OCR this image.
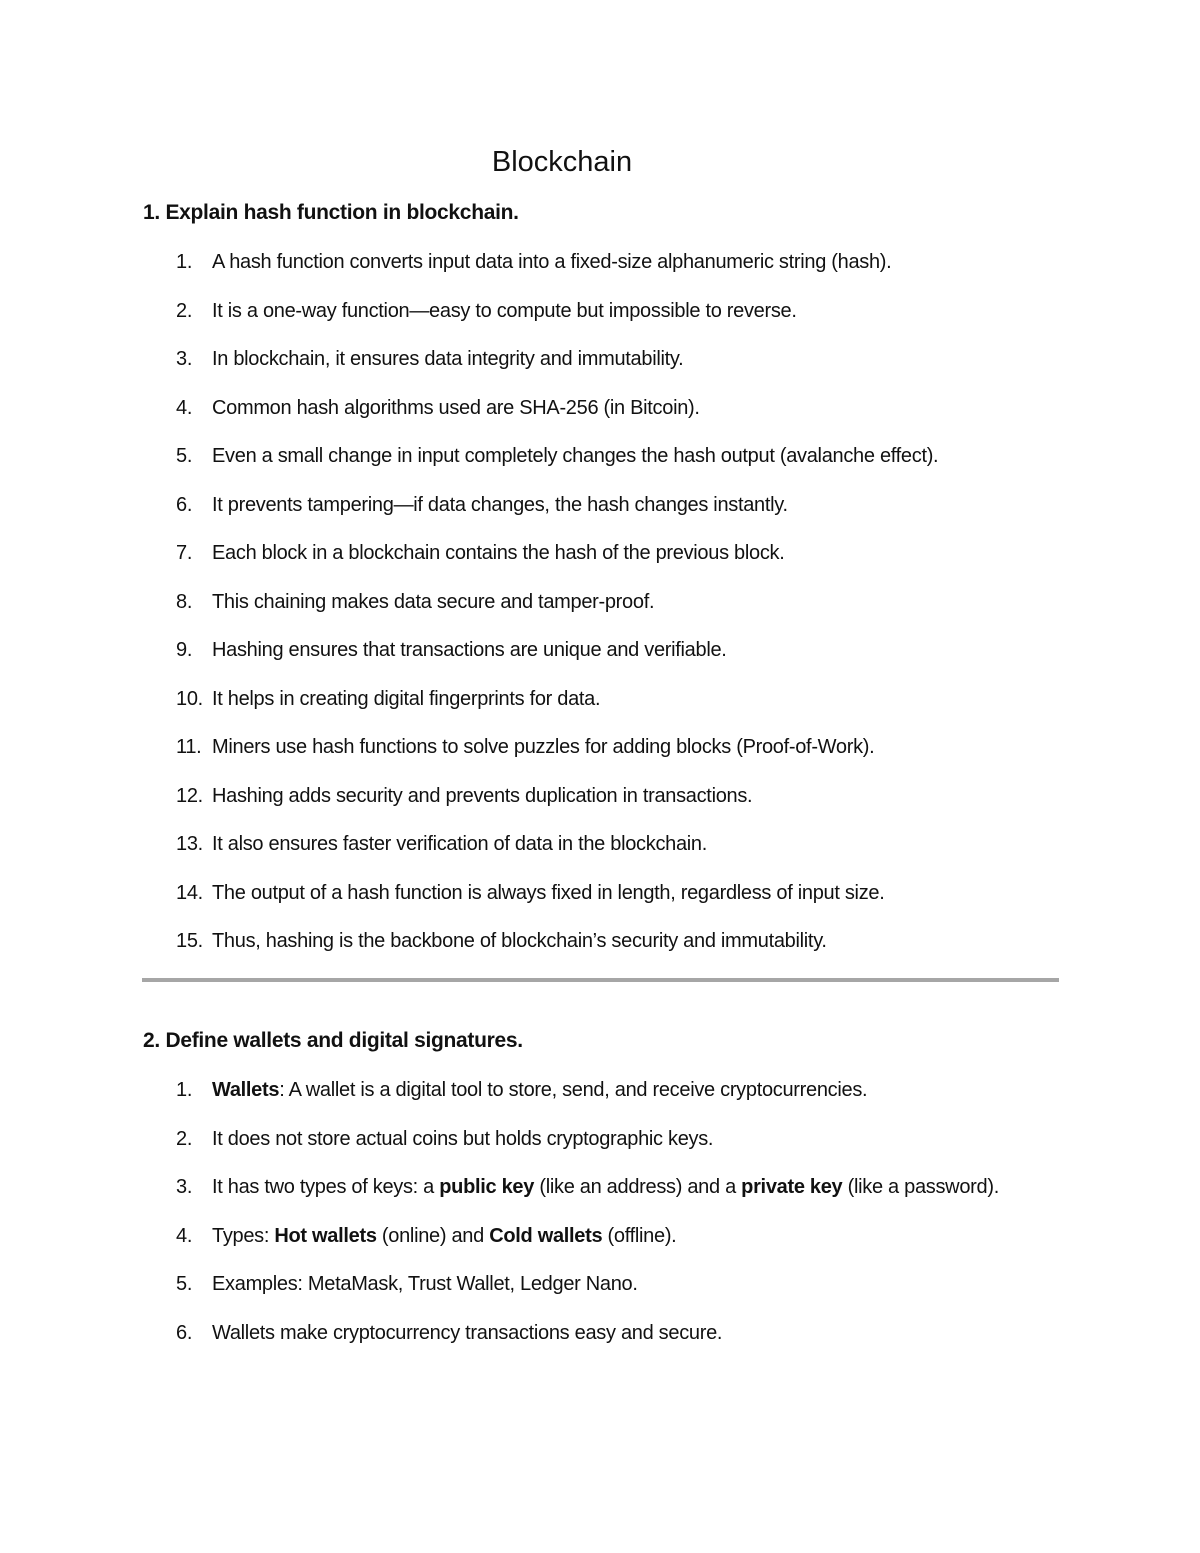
Blockchain
1. Explain hash function in blockchain.
1. A hash function converts input data into a fixed-size alphanumeric string (hash).
2. It is a one-way function—easy to compute but impossible to reverse.
3. In blockchain, it ensures data integrity and immutability.
4. Common hash algorithms used are SHA-256 (in Bitcoin).
5. Even a small change in input completely changes the hash output (avalanche effect).
6. It prevents tampering—if data changes, the hash changes instantly.
7. Each block in a blockchain contains the hash of the previous block.
8. This chaining makes data secure and tamper-proof.
9. Hashing ensures that transactions are unique and verifiable.
10. It helps in creating digital fingerprints for data.
11. Miners use hash functions to solve puzzles for adding blocks (Proof-of-Work).
12. Hashing adds security and prevents duplication in transactions.
13. It also ensures faster verification of data in the blockchain.
14. The output of a hash function is always fixed in length, regardless of input size.
15. Thus, hashing is the backbone of blockchain’s security and immutability.
2. Define wallets and digital signatures.
1. Wallets: A wallet is a digital tool to store, send, and receive cryptocurrencies.
2. It does not store actual coins but holds cryptographic keys.
3. It has two types of keys: a public key (like an address) and a private key (like a password).
4. Types: Hot wallets (online) and Cold wallets (offline).
5. Examples: MetaMask, Trust Wallet, Ledger Nano.
6. Wallets make cryptocurrency transactions easy and secure.
